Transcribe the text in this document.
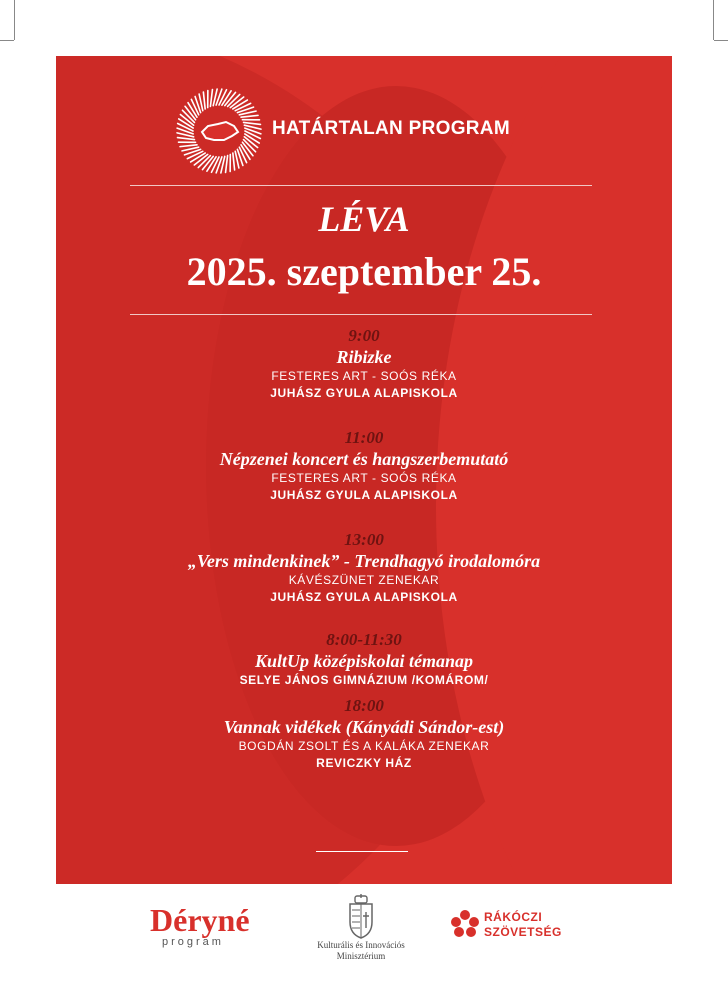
HATÁRTALAN PROGRAM
LÉVA
2025. szeptember 25.
9:00
Ribizke
FESTERES ART - SOÓS RÉKA
JUHÁSZ GYULA ALAPISKOLA
11:00
Népzenei koncert és hangszerbemutató
FESTERES ART - SOÓS RÉKA
JUHÁSZ GYULA ALAPISKOLA
13:00
„Vers mindenkinek” - Trendhagyó irodalomóra
KÁVÉSZÜNET ZENEKAR
JUHÁSZ GYULA ALAPISKOLA
8:00-11:30
KultUp középiskolai témanap
SELYE JÁNOS GIMNÁZIUM /KOMÁROM/
18:00
Vannak vidékek (Kányádi Sándor-est)
BOGDÁN ZSOLT ÉS A KALÁKA ZENEKAR
REVICZKY HÁZ
Déryné
program	Kulturális és Innovációs
Minisztérium
RÁKÓCZI
SZÖVETSÉG
